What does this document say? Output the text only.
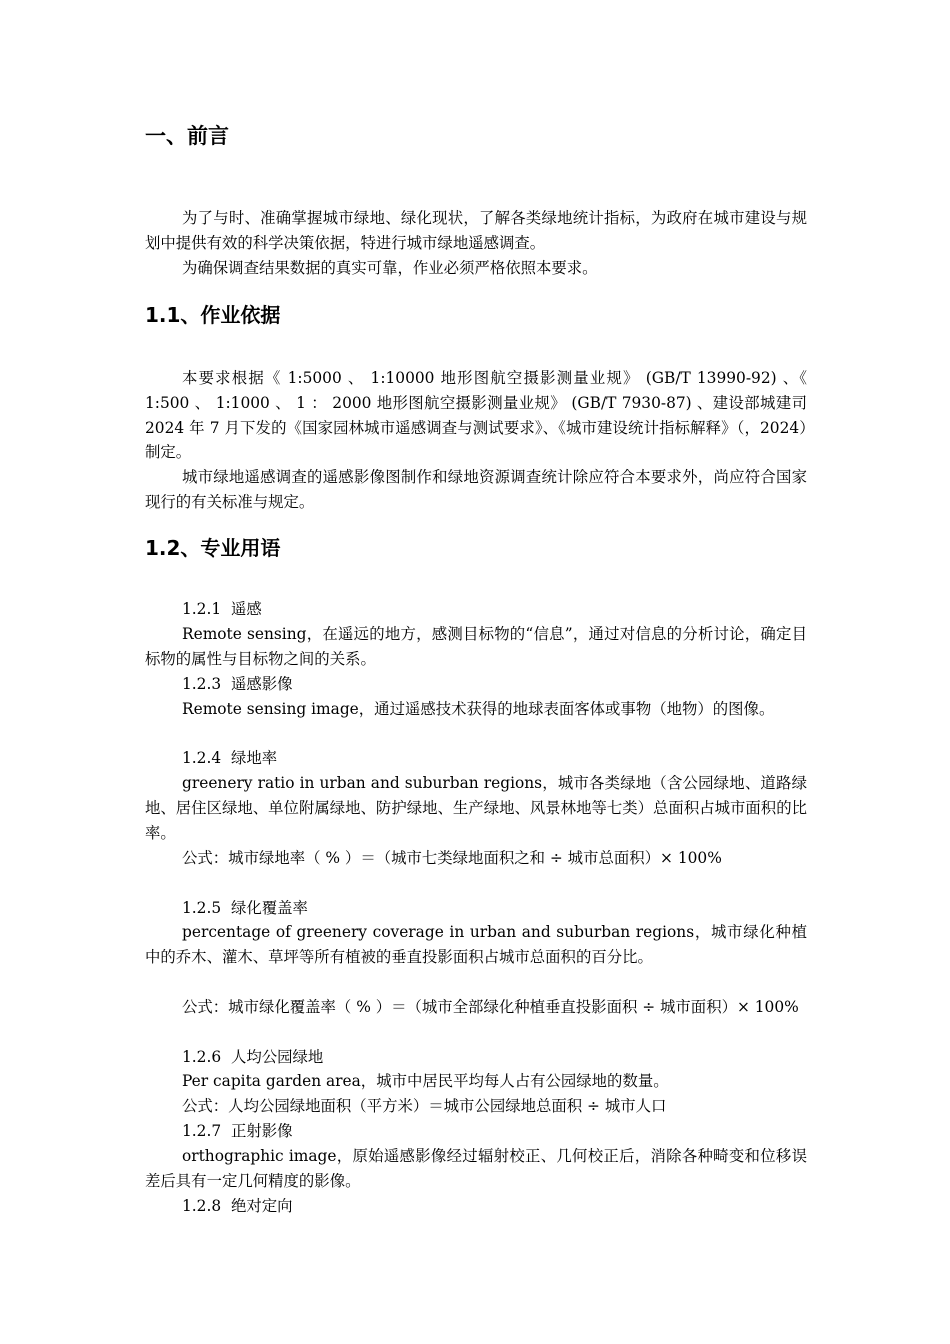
一、前言

为了与时、准确掌握城市绿地、绿化现状，了解各类绿地统计指标，为政府在城市建设与规划中提供有效的科学决策依据，特进行城市绿地遥感调查。

为确保调查结果数据的真实可靠，作业必须严格依照本要求。

1.1、作业依据

本要求根据《 1:5000 、 1:10000 地形图航空摄影测量业规》 (GB/T 13990-92) 、《 1:500 、 1:1000 、 1 ： 2000 地形图航空摄影测量业规》 (GB/T 7930-87) 、建设部城建司 2024 年 7 月下发的《国家园林城市遥感调查与测试要求》、《城市建设统计指标解释》（，2024）制定。

城市绿地遥感调查的遥感影像图制作和绿地资源调查统计除应符合本要求外，尚应符合国家现行的有关标准与规定。

1.2、专业用语

1.2.1  遥感

Remote sensing，在遥远的地方，感测目标物的“信息”，通过对信息的分析讨论，确定目标物的属性与目标物之间的关系。

1.2.3  遥感影像

Remote sensing image，通过遥感技术获得的地球表面客体或事物（地物）的图像。

1.2.4  绿地率

greenery ratio in urban and suburban regions，城市各类绿地（含公园绿地、道路绿地、居住区绿地、单位附属绿地、防护绿地、生产绿地、风景林地等七类）总面积占城市面积的比率。

公式：城市绿地率（ % ）＝（城市七类绿地面积之和 ÷ 城市总面积）× 100%

1.2.5  绿化覆盖率

percentage of greenery coverage in urban and suburban regions，城市绿化种植中的乔木、灌木、草坪等所有植被的垂直投影面积占城市总面积的百分比。

公式：城市绿化覆盖率（ % ）＝（城市全部绿化种植垂直投影面积 ÷ 城市面积）× 100%

1.2.6  人均公园绿地

Per capita garden area，城市中居民平均每人占有公园绿地的数量。

公式：人均公园绿地面积（平方米）＝城市公园绿地总面积 ÷ 城市人口

1.2.7  正射影像

orthographic image，原始遥感影像经过辐射校正、几何校正后，消除各种畸变和位移误差后具有一定几何精度的影像。

1.2.8  绝对定向
